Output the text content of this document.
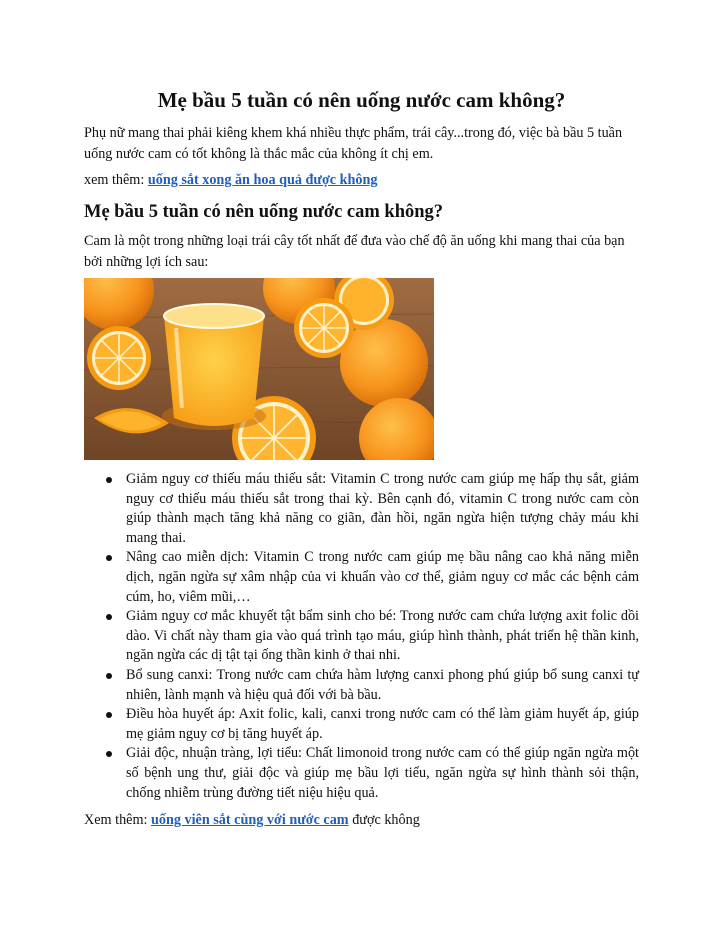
Mẹ bầu 5 tuần có nên uống nước cam không?

Phụ nữ mang thai phải kiêng khem khá nhiều thực phẩm, trái cây...trong đó, việc bà bầu 5 tuần uống nước cam có tốt không là thắc mắc của không ít chị em.

xem thêm: uống sắt xong ăn hoa quả được không

Mẹ bầu 5 tuần có nên uống nước cam không?

Cam là một trong những loại trái cây tốt nhất để đưa vào chế độ ăn uống khi mang thai của bạn bởi những lợi ích sau:

Giảm nguy cơ thiếu máu thiếu sắt: Vitamin C trong nước cam giúp mẹ hấp thụ sắt, giảm nguy cơ thiếu máu thiếu sắt trong thai kỳ. Bên cạnh đó, vitamin C trong nước cam còn giúp thành mạch tăng khả năng co giãn, đàn hồi, ngăn ngừa hiện tượng chảy máu khi mang thai.
Nâng cao miễn dịch: Vitamin C trong nước cam giúp mẹ bầu nâng cao khả năng miễn dịch, ngăn ngừa sự xâm nhập của vi khuẩn vào cơ thể, giảm nguy cơ mắc các bệnh cảm cúm, ho, viêm mũi,…
Giảm nguy cơ mắc khuyết tật bẩm sinh cho bé: Trong nước cam chứa lượng axit folic dồi dào. Vi chất này tham gia vào quá trình tạo máu, giúp hình thành, phát triển hệ thần kinh, ngăn ngừa các dị tật tại ống thần kinh ở thai nhi.
Bổ sung canxi: Trong nước cam chứa hàm lượng canxi phong phú giúp bổ sung canxi tự nhiên, lành mạnh và hiệu quả đối với bà bầu.
Điều hòa huyết áp: Axit folic, kali, canxi trong nước cam có thể làm giảm huyết áp, giúp mẹ giảm nguy cơ bị tăng huyết áp.
Giải độc, nhuận tràng, lợi tiểu: Chất limonoid trong nước cam có thể giúp ngăn ngừa một số bệnh ung thư, giải độc và giúp mẹ bầu lợi tiểu, ngăn ngừa sự hình thành sỏi thận, chống nhiễm trùng đường tiết niệu hiệu quả.

Xem thêm: uống viên sắt cùng với nước cam được không
